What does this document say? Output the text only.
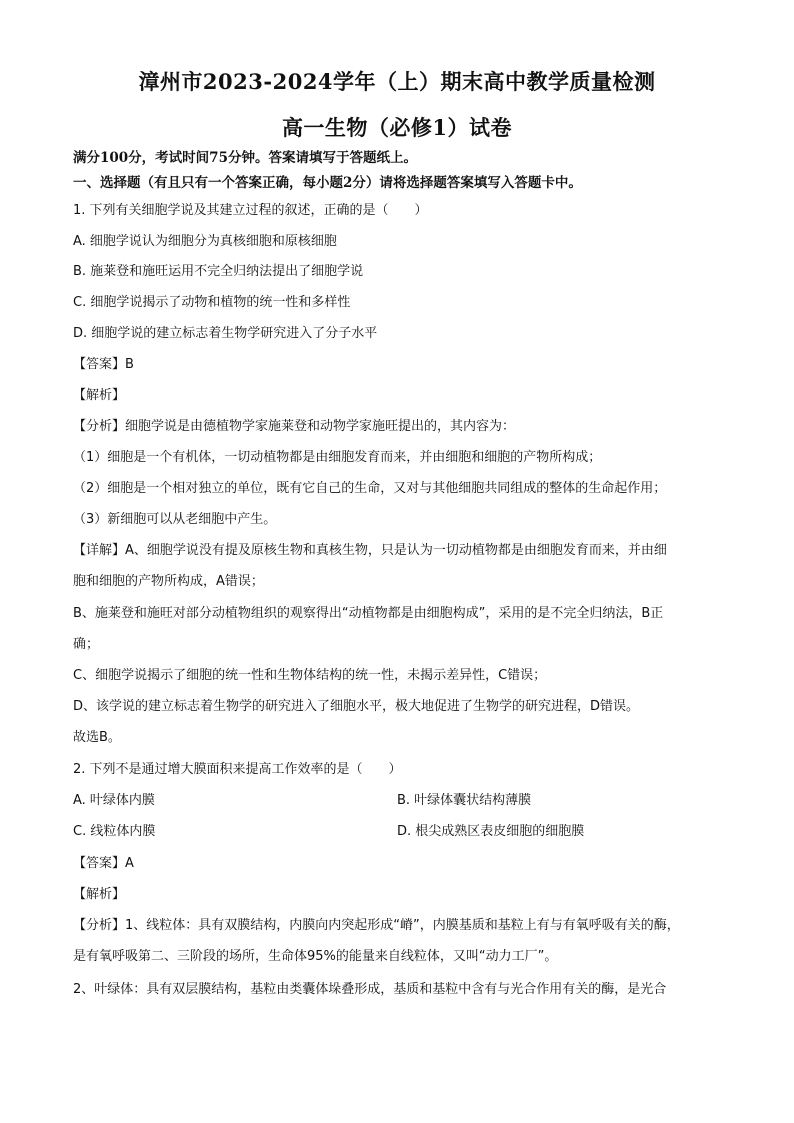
漳州市2023-2024学年（上）期末高中教学质量检测
高一生物（必修1）试卷
满分100分，考试时间75分钟。答案请填写于答题纸上。
一、选择题（有且只有一个答案正确，每小题2分）请将选择题答案填写入答题卡中。
1. 下列有关细胞学说及其建立过程的叙述，正确的是（　　）
A. 细胞学说认为细胞分为真核细胞和原核细胞
B. 施莱登和施旺运用不完全归纳法提出了细胞学说
C. 细胞学说揭示了动物和植物的统一性和多样性
D. 细胞学说的建立标志着生物学研究进入了分子水平
【答案】B
【解析】
【分析】细胞学说是由德植物学家施莱登和动物学家施旺提出的，其内容为：
（1）细胞是一个有机体，一切动植物都是由细胞发育而来，并由细胞和细胞的产物所构成；
（2）细胞是一个相对独立的单位，既有它自己的生命，又对与其他细胞共同组成的整体的生命起作用；
（3）新细胞可以从老细胞中产生。
【详解】A、细胞学说没有提及原核生物和真核生物，只是认为一切动植物都是由细胞发育而来，并由细
胞和细胞的产物所构成，A错误；
B、施莱登和施旺对部分动植物组织的观察得出“动植物都是由细胞构成”，采用的是不完全归纳法，B正
确；
C、细胞学说揭示了细胞的统一性和生物体结构的统一性，未揭示差异性，C错误；
D、该学说的建立标志着生物学的研究进入了细胞水平，极大地促进了生物学的研究进程，D错误。
故选B。
2. 下列不是通过增大膜面积来提高工作效率的是（　　）
A. 叶绿体内膜	B. 叶绿体囊状结构薄膜
C. 线粒体内膜	D. 根尖成熟区表皮细胞的细胞膜
【答案】A
【解析】
【分析】1、线粒体：具有双膜结构，内膜向内突起形成“嵴”，内膜基质和基粒上有与有氧呼吸有关的酶，
是有氧呼吸第二、三阶段的场所，生命体95%的能量来自线粒体，又叫“动力工厂”。
2、叶绿体：具有双层膜结构，基粒由类囊体垛叠形成，基质和基粒中含有与光合作用有关的酶，是光合
